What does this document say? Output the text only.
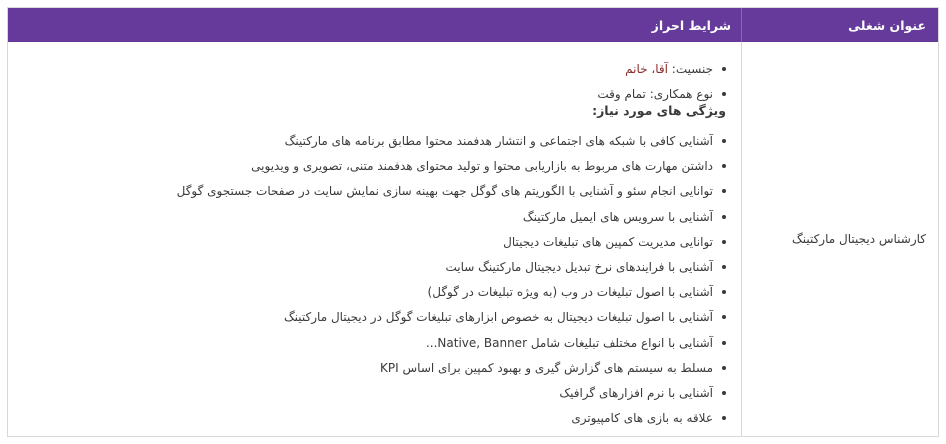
عنوان شغلی
شرایط احراز
کارشناس دیجیتال مارکتینگ
جنسیت: آقا، خانم
نوع همکاری: تمام وقت
ویژگی های مورد نیاز:
آشنایی کافی با شبکه های اجتماعی و انتشار هدفمند محتوا مطابق برنامه های مارکتینگ
داشتن مهارت های مربوط به بازاریابی محتوا و تولید محتوای هدفمند متنی، تصویری و ویدیویی
توانایی انجام سئو و آشنایی با الگوریتم های گوگل جهت بهینه سازی نمایش سایت در صفحات جستجوی گوگل
آشنایی با سرویس های ایمیل مارکتینگ
توانایی مدیریت کمپین های تبلیغات دیجیتال
آشنایی با فرایندهای نرخ تبدیل دیجیتال مارکتینگ سایت
آشنایی با اصول تبلیغات در وب (به ویژه تبلیغات در گوگل)
آشنایی با اصول تبلیغات دیجیتال به خصوص ابزارهای تبلیغات گوگل در دیجیتال مارکتینگ
آشنایی با انواع مختلف تبلیغات شامل Native, Banner...
مسلط به سیستم های گزارش گیری و بهبود کمپین برای اساس KPI
آشنایی با نرم افزارهای گرافیک
علاقه به بازی های کامپیوتری
